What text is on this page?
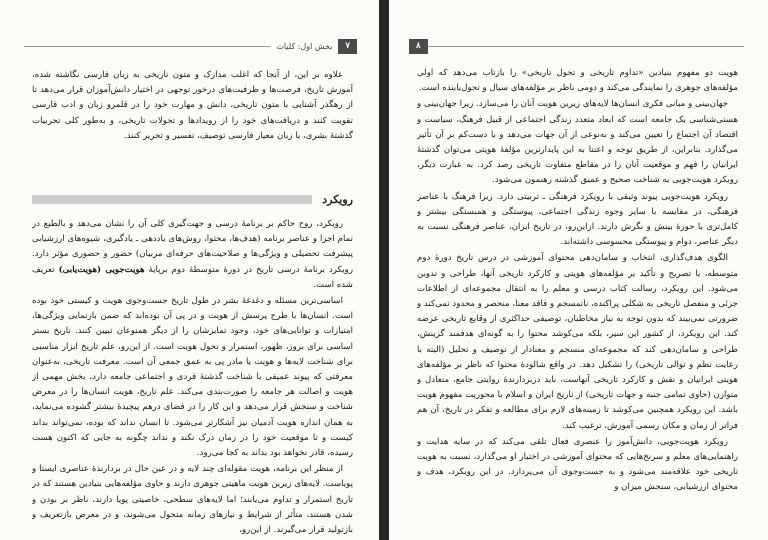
بخش اول: کلیات	۷

علاوه بر این، از آنجا که اغلب مدارک و متون تاریخی به زبان فارسی نگاشته شده، آموزش تاریخ، فرصت‌ها و ظرفیت‌های درخور توجهی در اختیار دانش‌آموزان قرار می‌دهد تا از رهگذر آشنایی با متون تاریخی، دانش و مهارت خود را در قلمرو زبان و ادب فارسی تقویت کنند و دریافت‌های خود را از رویدادها و تحولات تاریخی، و به‌طور کلی تجربیات گذشتهٔ بشری، با زبان معیار فارسی توصیف، تفسیر و تحریر کنند.

رویکرد

رویکرد، روح حاکم بر برنامهٔ درسی و جهت‌گیری کلی آن را نشان می‌دهد و بالطبع در تمام اجزا و عناصر برنامه (هدف‌ها، محتوا، روش‌های یاددهی ـ یادگیری، شیوه‌های ارزشیابی پیشرفت تحصیلی و ویژگی‌ها و صلاحیت‌های حرفه‌ای مربیان) حضور و حضوری مؤثر دارد. رویکرد برنامهٔ درسی تاریخ در دورهٔ متوسطهٔ دوم برپایهٔ هویت‌جویی (هویت‌یابی) تعریف شده است.

اساسی‌ترین مسئله و دغدغهٔ بشر در طول تاریخ جست‌وجوی هویت و کیستی خود بوده است. انسان‌ها با طرح پرسش از هویت و در پی آن بوده‌اند که ضمن بازنمایی ویژگی‌ها، امتیازات و توانایی‌های خود، وجود تمایزشان را از دیگر همنوعان تبیین کنند. تاریخ بستر اساسی برای بروز، ظهور، استمرار و تحول هویت است. از این‌رو، علم تاریخ ابزار مناسبی برای شناخت لایه‌ها و هویت یا مادر پی به عمق جمعی آن است. معرفت تاریخی، به‌عنوان معرفتی که پیوند عمیقی با شناخت گذشتهٔ فردی و اجتماعی جامعه دارد، بخش مهمی از هویت و اصالت هر جامعه را صورت‌بندی می‌کند. علم تاریخ، هویت انسان‌ها را در معرض شناخت و سنجش قرار می‌دهد و این کار را در فضای درهم پیچیدهٔ بیشتر گشوده می‌نماید، به همان اندازه هویت آدمیان نیز آشکارتر می‌شود. تا انسان نداند که بوده، نمی‌تواند بداند کیست و تا موقعیت خود را در زمان درک نکند و نداند چگونه به جایی که اکنون هست رسیده، قادر نخواهد بود بداند به کجا می‌رود.

از منظر این برنامه، هویت مقوله‌ای چند لایه و در عین حال در بردارندهٔ عناصری ایستا و پویاست. لایه‌های زیرین هویت ماهیتی جوهری دارند و حاوی مؤلفه‌هایی بنیادین هستند که در تاریخ استمرار و تداوم می‌یابند؛ اما لایه‌های سطحی، خاصیتی پویا دارند، ناظر بر بودن و شدن هستند، متأثر از شرایط و نیازهای زمانه متحول می‌شوند، و در معرض بازتعریف و بازتولید قرار می‌گیرند. از این‌رو،

۸

هویت دو مفهوم بنیادین «تداوم تاریخی و تحول تاریخی» را بازتاب می‌دهد که اولی مؤلفه‌های جوهری را نمایندگی می‌کند و دومی ناظر بر مؤلفه‌های سیال و تحول‌یابنده است.

جهان‌بینی و مبانی فکری انسان‌ها لایه‌های زیرین هویت آنان را می‌سازد. زیرا جهان‌بینی و هستی‌شناسی یک جامعه است که ابعاد متعدد زندگی اجتماعی از قبیل فرهنگ، سیاست و اقتصاد آن اجتماع را تعیین می‌کند و به‌نوعی از آن جهات می‌دهد و با دست‌کم بر آن تأثیر می‌گذارد. بنابراین، از طریق توجه و اعتنا به این پایدارترین مؤلفهٔ هویتی می‌توان گذشتهٔ ایرانیان را فهم و موقعیت آنان را در مقاطع متفاوت تاریخی رصد کرد. به عبارت دیگر، رویکرد هویت‌جویی به شناخت صحیح و عمیق گذشته رهنمون می‌شود.

رویکرد هویت‌جویی پیوند وثیقی با رویکرد فرهنگی ـ تربیتی دارد. زیرا فرهنگ با عناصر فرهنگی، در مقایسه با سایر وجوه زندگی اجتماعی، پیوستگی و همبستگی بیشتر و کامل‌تری با حوزهٔ بینش و نگرش دارند. ازاین‌رو، در تاریخ ایران، عناصر فرهنگی نسبت به دیگر عناصر، دوام و پیوستگی محسوسی داشته‌اند.

الگوی هدف‌گذاری، انتخاب و سامان‌دهی محتوای آموزشی در درس تاریخ دورهٔ دوم متوسطه، با تصریح و تأکید بر مؤلفه‌های هویتی و کارکرد تاریخی آنها، طراحی و تدوین می‌شود. این رویکرد، رسالت کتاب درسی و معلم را به انتقال مجموعه‌ای از اطلاعات جزئی و منفصل تاریخی به شکلی پراکنده، ناتمسجم و فاقد معنا، منحصر و محدود نمی‌کند و ضرورتی نمی‌بیند که بدون توجه به نیاز مخاطبان، توصیفی حداکثری از وقایع تاریخی عرضه کند. این رویکرد، از کشور این سیر، بلکه می‌کوشد محتوا را به گونه‌ای هدفمند گزینش، طراحی و سامان‌دهی کند که مجموعه‌ای منسجم و معنادار از توصیف و تحلیل (البته با رعایت نظم و توالی تاریخی) را تشکیل دهد. در واقع شالودهٔ محتوا که ناظر بر مؤلفه‌های هویتی ایرانیان و نقش و کارکرد تاریخی آنهاست، باید دربردارندهٔ روایتی جامع، متعادل و متوازن (حاوی تمامی جنبه و جهات تاریخی) از تاریخ ایران و اسلام با محوریت مفهوم هویت باشد. این رویکرد همچنین می‌کوشد تا زمینه‌های لازم برای مطالعه و تفکر در تاریخ، آن هم فراتر از زمان و مکان رسمی آموزش، ترغیب کند.

رویکرد هویت‌جویی، دانش‌آموز را عنصری فعال تلقی می‌کند که در سایه هدایت و راهنمایی‌های معلم و سرنخ‌هایی که محتوای آموزشی در اختیار او می‌گذارد، نسبت به هویت تاریخی خود علاقه‌مند می‌شود و به جست‌وجوی آن می‌پردازد. در این رویکرد، هدف و محتوای ارزشیابی، سنجش میزان و
